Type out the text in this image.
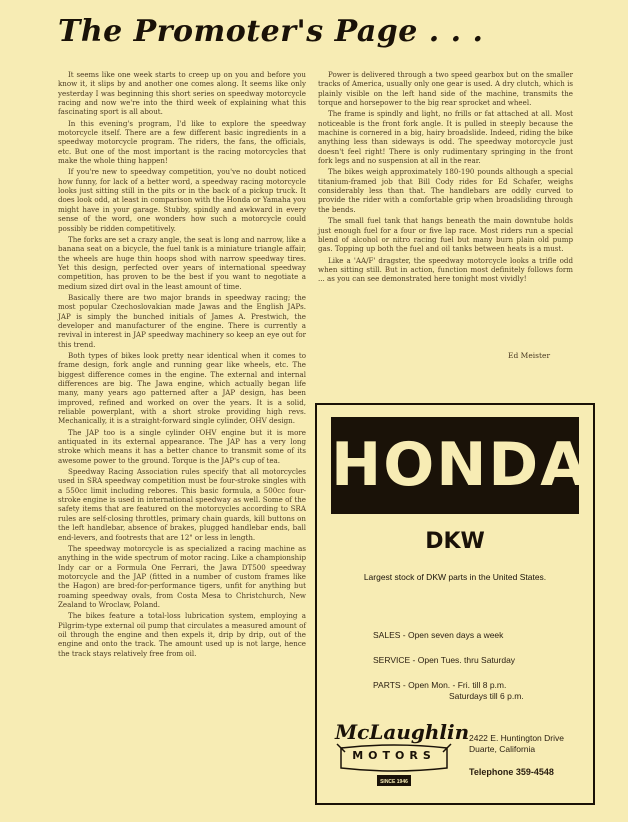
The Promoter's Page . . .

It seems like one week starts to creep up on you and before you know it, it slips by and another one comes along. It seems like only yesterday I was beginning this short series on speedway motorcycle racing and now we're into the third week of explaining what this fascinating sport is all about.

In this evening's program, I'd like to explore the speedway motorcycle itself. There are a few different basic ingredients in a speedway motorcycle program. The riders, the fans, the officials, etc. But one of the most important is the racing motorcycles that make the whole thing happen!

If you're new to speedway competition, you've no doubt noticed how funny, for lack of a better word, a speedway racing motorcycle looks just sitting still in the pits or in the back of a pickup truck. It does look odd, at least in comparison with the Honda or Yamaha you might have in your garage. Stubby, spindly and awkward in every sense of the word, one wonders how such a motorcycle could possibly be ridden competitively.

The forks are set a crazy angle, the seat is long and narrow, like a banana seat on a bicycle, the fuel tank is a miniature triangle affair, the wheels are huge thin hoops shod with narrow speedway tires. Yet this design, perfected over years of international speedway competition, has proven to be the best if you want to negotiate a medium sized dirt oval in the least amount of time.

Basically there are two major brands in speedway racing; the most popular Czechoslovakian made Jawas and the English JAPs. JAP is simply the bunched initials of James A. Prestwich, the developer and manufacturer of the engine. There is currently a revival in interest in JAP speedway machinery so keep an eye out for this trend.

Both types of bikes look pretty near identical when it comes to frame design, fork angle and running gear like wheels, etc. The biggest difference comes in the engine. The external and internal differences are big. The Jawa engine, which actually began life many, many years ago patterned after a JAP design, has been improved, refined and worked on over the years. It is a solid, reliable powerplant, with a short stroke providing high revs. Mechanically, it is a straight-forward single cylinder, OHV design.

The JAP too is a single cylinder OHV engine but it is more antiquated in its external appearance. The JAP has a very long stroke which means it has a better chance to transmit some of its awesome power to the ground. Torque is the JAP's cup of tea.

Speedway Racing Association rules specify that all motorcycles used in SRA speedway competition must be four-stroke singles with a 550cc limit including rebores. This basic formula, a 500cc four-stroke engine is used in international speedway as well. Some of the safety items that are featured on the motorcycles according to SRA rules are self-closing throttles, primary chain guards, kill buttons on the left handlebar, absence of brakes, plugged handlebar ends, ball end-levers, and footrests that are 12" or less in length.

The speedway motorcycle is as specialized a racing machine as anything in the wide spectrum of motor racing. Like a championship Indy car or a Formula One Ferrari, the Jawa DT500 speedway motorcycle and the JAP (fitted in a number of custom frames like the Hagon) are bred-for-performance tigers, unfit for anything but roaming speedway ovals, from Costa Mesa to Christchurch, New Zealand to Wroclaw, Poland.

The bikes feature a total-loss lubrication system, employing a Pilgrim-type external oil pump that circulates a measured amount of oil through the engine and then expels it, drip by drip, out of the engine and onto the track. The amount used up is not large, hence the track stays relatively free from oil.

Power is delivered through a two speed gearbox but on the smaller tracks of America, usually only one gear is used. A dry clutch, which is plainly visible on the left hand side of the machine, transmits the torque and horsepower to the big rear sprocket and wheel.

The frame is spindly and light, no frills or fat attached at all. Most noticeable is the front fork angle. It is pulled in steeply because the machine is cornered in a big, hairy broadslide. Indeed, riding the bike anything less than sideways is odd. The speedway motorcycle just doesn't feel right! There is only rudimentary springing in the front fork legs and no suspension at all in the rear.

The bikes weigh approximately 180-190 pounds although a special titanium-framed job that Bill Cody rides for Ed Schafer, weighs considerably less than that. The handlebars are oddly curved to provide the rider with a comfortable grip when broadsliding through the bends.

The small fuel tank that hangs beneath the main downtube holds just enough fuel for a four or five lap race. Most riders run a special blend of alcohol or nitro racing fuel but many burn plain old pump gas. Topping up both the fuel and oil tanks between heats is a must.

Like a 'AA/F' dragster, the speedway motorcycle looks a trifle odd when sitting still. But in action, function most definitely follows form ... as you can see demonstrated here tonight most vividly!

Ed Meister
HONDA
DKW
Largest stock of DKW parts in the United States.
SALES - Open seven days a week
SERVICE - Open Tues. thru Saturday
PARTS - Open Mon. - Fri. till 8 p.m.
Saturdays till 6 p.m.
McLaughlin
MOTORS
SINCE 1946
2422 E. Huntington Drive
Duarte, California
Telephone 359-4548
